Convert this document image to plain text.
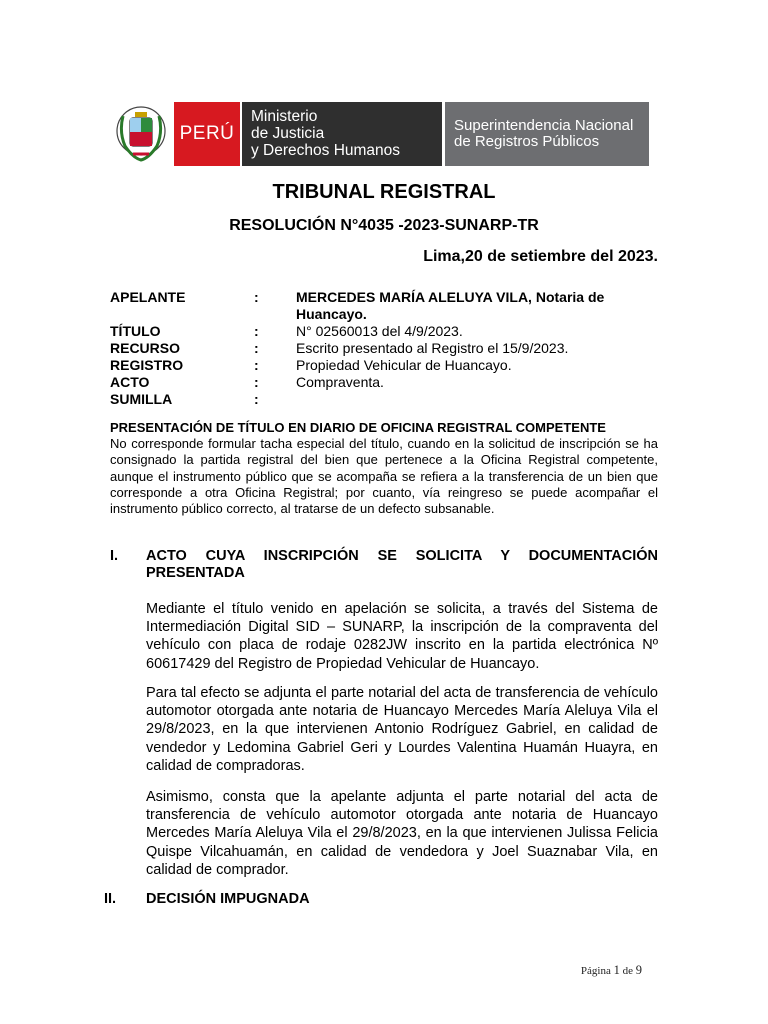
PERÚ
Ministerio
de Justicia
y Derechos Humanos
Superintendencia Nacional
de Registros Públicos
TRIBUNAL REGISTRAL
RESOLUCIÓN N°4035 -2023-SUNARP-TR
Lima,20 de setiembre del 2023.
APELANTE	:	MERCEDES MARÍA ALELUYA VILA, Notaria de
Huancayo.
TÍTULO	:	N° 02560013 del 4/9/2023.
RECURSO	:	Escrito presentado al Registro el 15/9/2023.
REGISTRO	:	Propiedad Vehicular de Huancayo.
ACTO	:	Compraventa.
SUMILLA	:
PRESENTACIÓN DE TÍTULO EN DIARIO DE OFICINA REGISTRAL COMPETENTE
No corresponde formular tacha especial del título, cuando en la solicitud de inscripción se ha consignado la partida registral del bien que pertenece a la Oficina Registral competente, aunque el instrumento público que se acompaña se refiera a la transferencia de un bien que corresponde a otra Oficina Registral; por cuanto, vía reingreso se puede acompañar el instrumento público correcto, al tratarse de un defecto subsanable.
I. ACTO CUYA INSCRIPCIÓN SE SOLICITA Y DOCUMENTACIÓN PRESENTADA
Mediante el título venido en apelación se solicita, a través del Sistema de Intermediación Digital SID – SUNARP, la inscripción de la compraventa del vehículo con placa de rodaje 0282JW inscrito en la partida electrónica Nº 60617429 del Registro de Propiedad Vehicular de Huancayo.
Para tal efecto se adjunta el parte notarial del acta de transferencia de vehículo automotor otorgada ante notaria de Huancayo Mercedes María Aleluya Vila el 29/8/2023, en la que intervienen Antonio Rodríguez Gabriel, en calidad de vendedor y Ledomina Gabriel Geri y Lourdes Valentina Huamán Huayra, en calidad de compradoras.
Asimismo, consta que la apelante adjunta el parte notarial del acta de transferencia de vehículo automotor otorgada ante notaria de Huancayo Mercedes María Aleluya Vila el 29/8/2023, en la que intervienen Julissa Felicia Quispe Vilcahuamán, en calidad de vendedora y Joel Suaznabar Vila, en calidad de comprador.
II. DECISIÓN IMPUGNADA
Página 1 de 9
